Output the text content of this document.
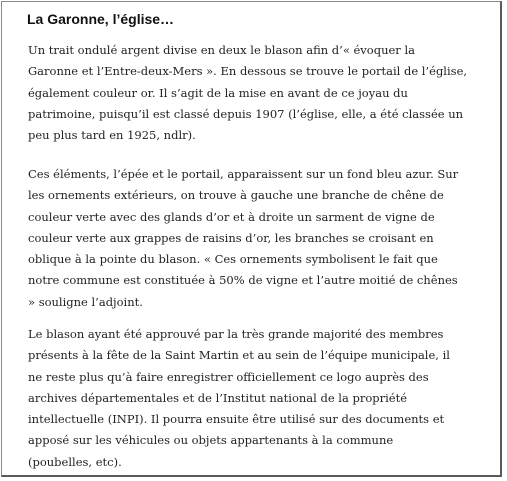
La Garonne, l’église…

Un trait ondulé argent divise en deux le blason afin d’« évoquer la
Garonne et l’Entre-deux-Mers ». En dessous se trouve le portail de l’église,
également couleur or. Il s’agit de la mise en avant de ce joyau du
patrimoine, puisqu’il est classé depuis 1907 (l’église, elle, a été classée un
peu plus tard en 1925, ndlr).

Ces éléments, l’épée et le portail, apparaissent sur un fond bleu azur. Sur
les ornements extérieurs, on trouve à gauche une branche de chêne de
couleur verte avec des glands d’or et à droite un sarment de vigne de
couleur verte aux grappes de raisins d’or, les branches se croisant en
oblique à la pointe du blason. « Ces ornements symbolisent le fait que
notre commune est constituée à 50% de vigne et l’autre moitié de chênes
» souligne l’adjoint.

Le blason ayant été approuvé par la très grande majorité des membres
présents à la fête de la Saint Martin et au sein de l’équipe municipale, il
ne reste plus qu’à faire enregistrer officiellement ce logo auprès des
archives départementales et de l’Institut national de la propriété
intellectuelle (INPI). Il pourra ensuite être utilisé sur des documents et
apposé sur les véhicules ou objets appartenants à la commune
(poubelles, etc).
